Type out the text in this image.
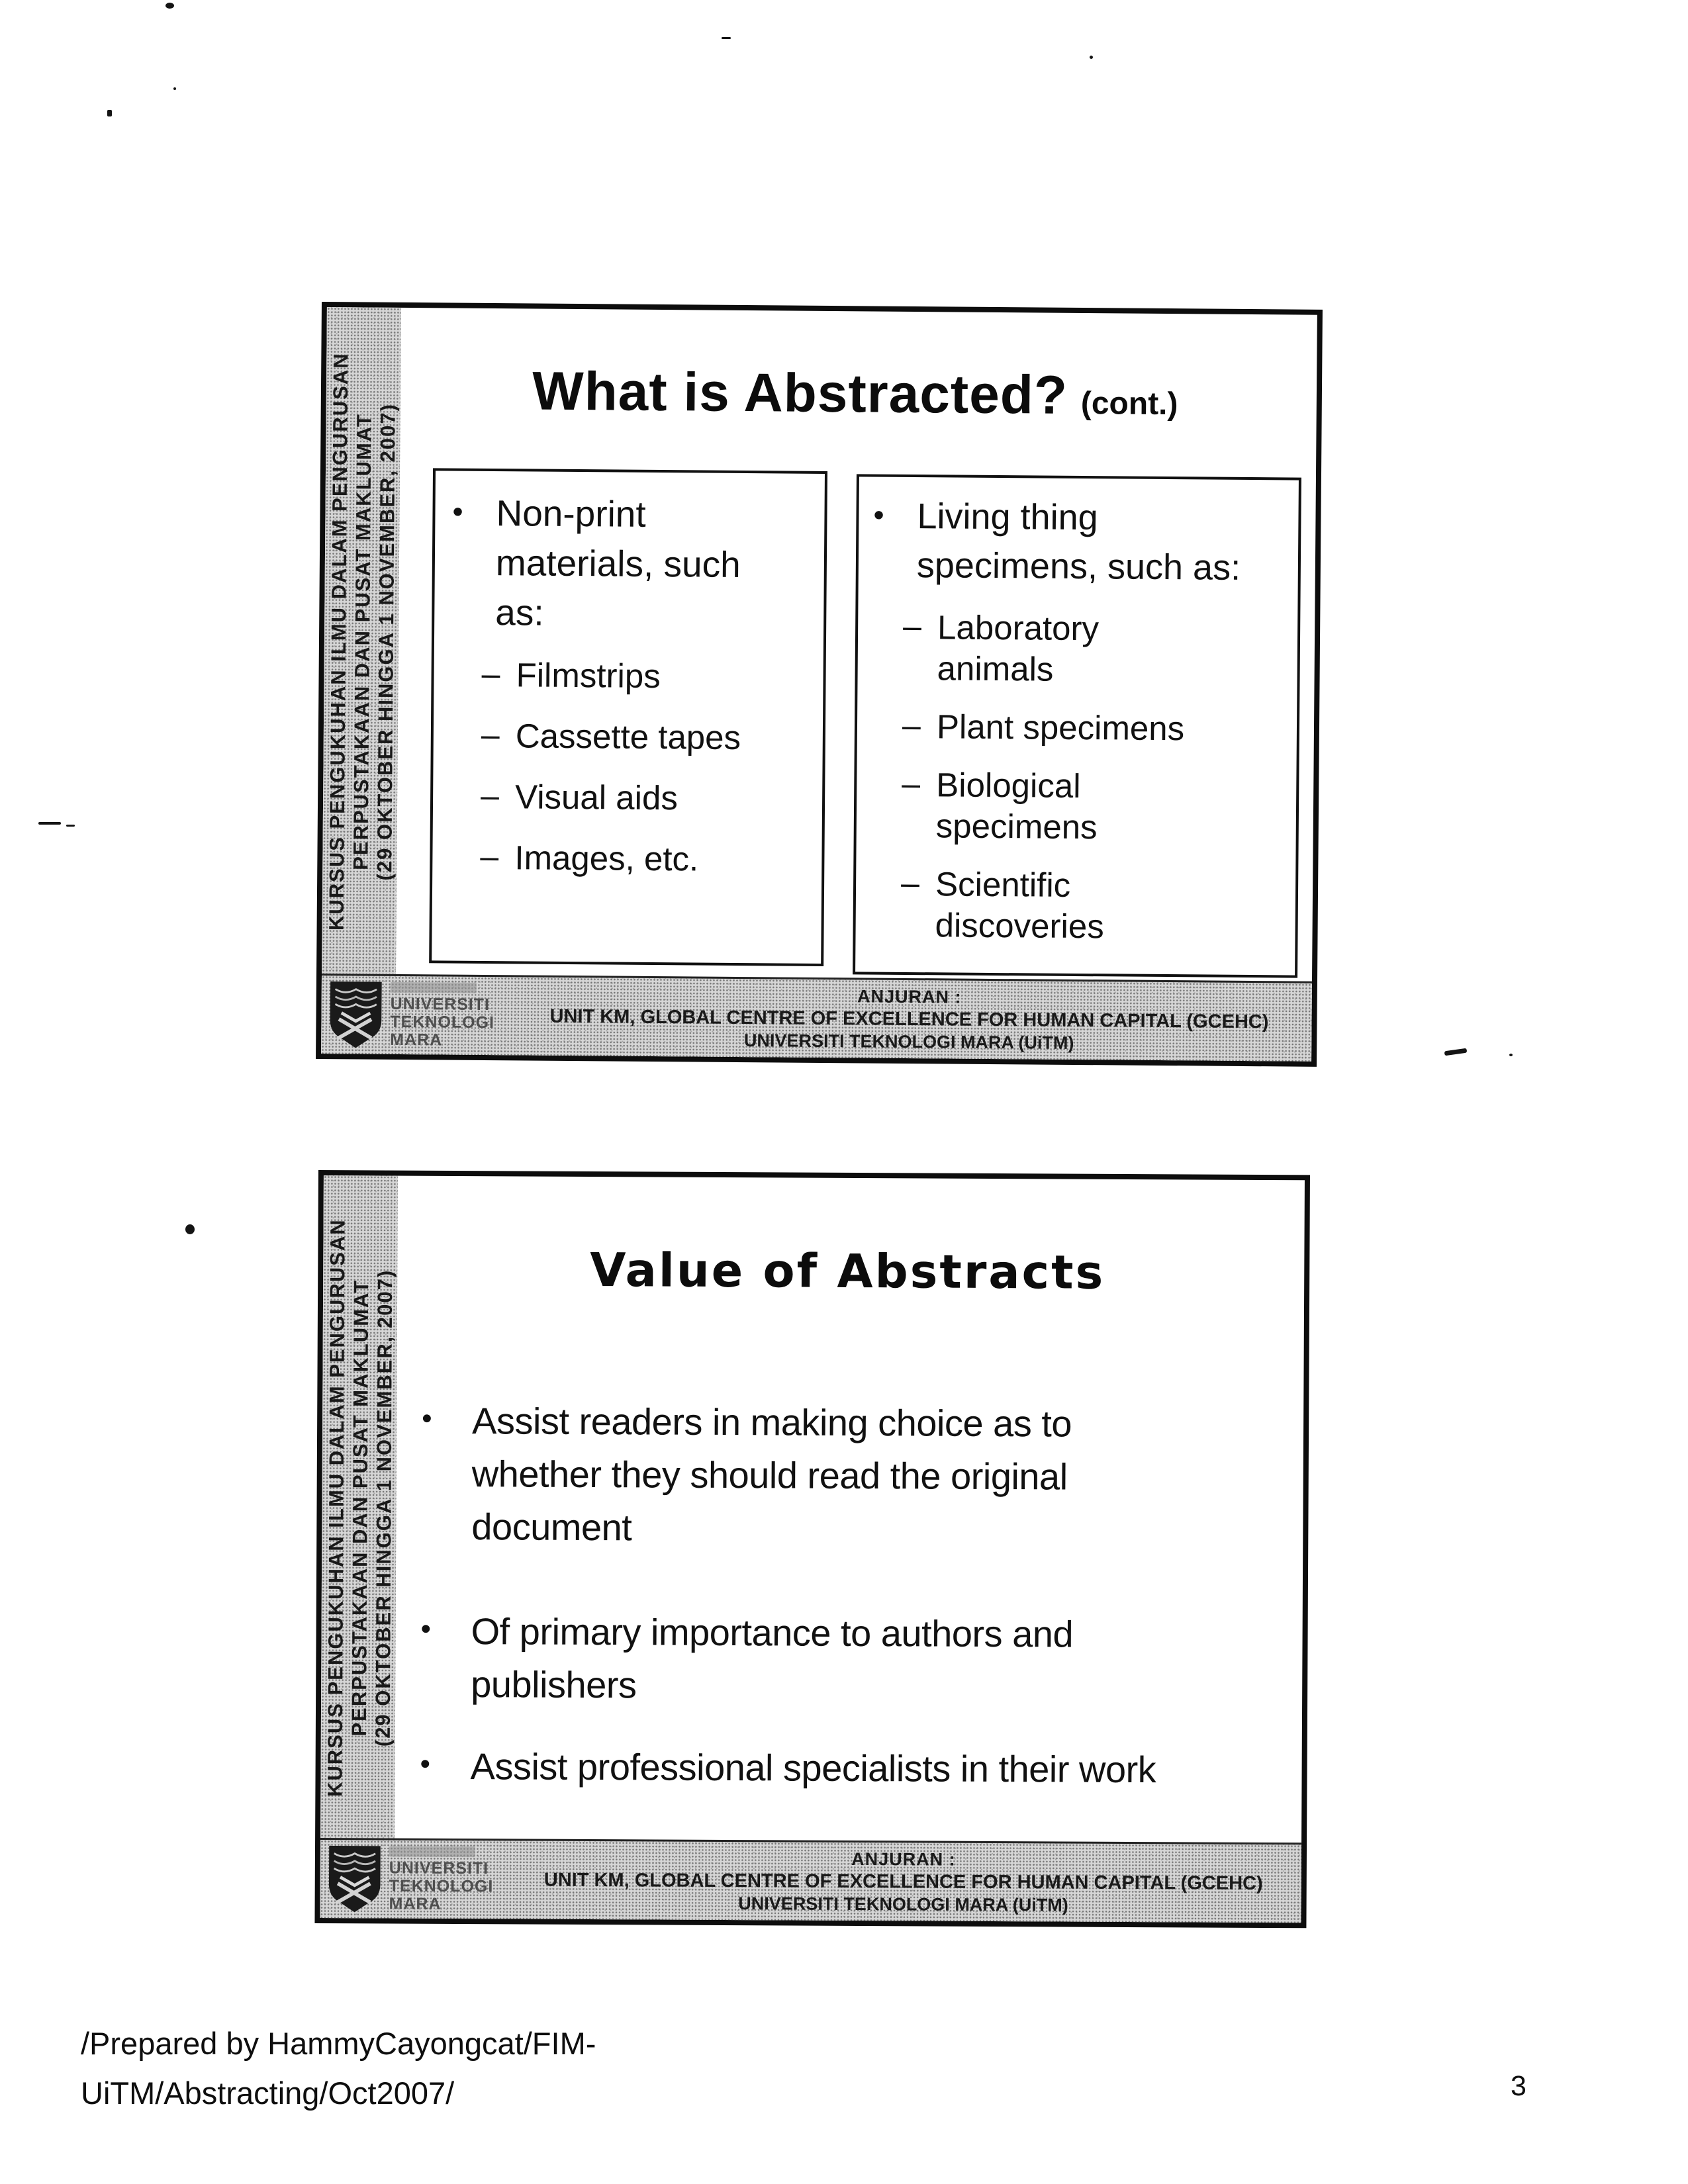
KURSUS PENGUKUHAN ILMU DALAM PENGURUSAN
PERPUSTAKAAN DAN PUSAT MAKLUMAT
(29 OKTOBER HINGGA 1 NOVEMBER, 2007)
What is Abstracted? (cont.)
• Non-print
materials, such
as:
– Filmstrips
– Cassette tapes
– Visual aids
– Images, etc.
• Living thing
specimens, such as:
– Laboratory
animals
– Plant specimens
– Biological
specimens
– Scientific
discoveries
UNIVERSITI
TEKNOLOGI
MARA
ANJURAN :
UNIT KM, GLOBAL CENTRE OF EXCELLENCE FOR HUMAN CAPITAL (GCEHC)
UNIVERSITI TEKNOLOGI MARA (UiTM)
KURSUS PENGUKUHAN ILMU DALAM PENGURUSAN
PERPUSTAKAAN DAN PUSAT MAKLUMAT
(29 OKTOBER HINGGA 1 NOVEMBER, 2007)	Value of Abstracts
•	Assist readers in making choice as to
whether they should read the original
document
•	Of primary importance to authors and
publishers
•	Assist professional specialists in their work
UNIVERSITI
TEKNOLOGI
MARA
ANJURAN :
UNIT KM, GLOBAL CENTRE OF EXCELLENCE FOR HUMAN CAPITAL (GCEHC)
UNIVERSITI TEKNOLOGI MARA (UiTM)
/Prepared by HammyCayongcat/FIM-
UiTM/Abstracting/Oct2007/	3
